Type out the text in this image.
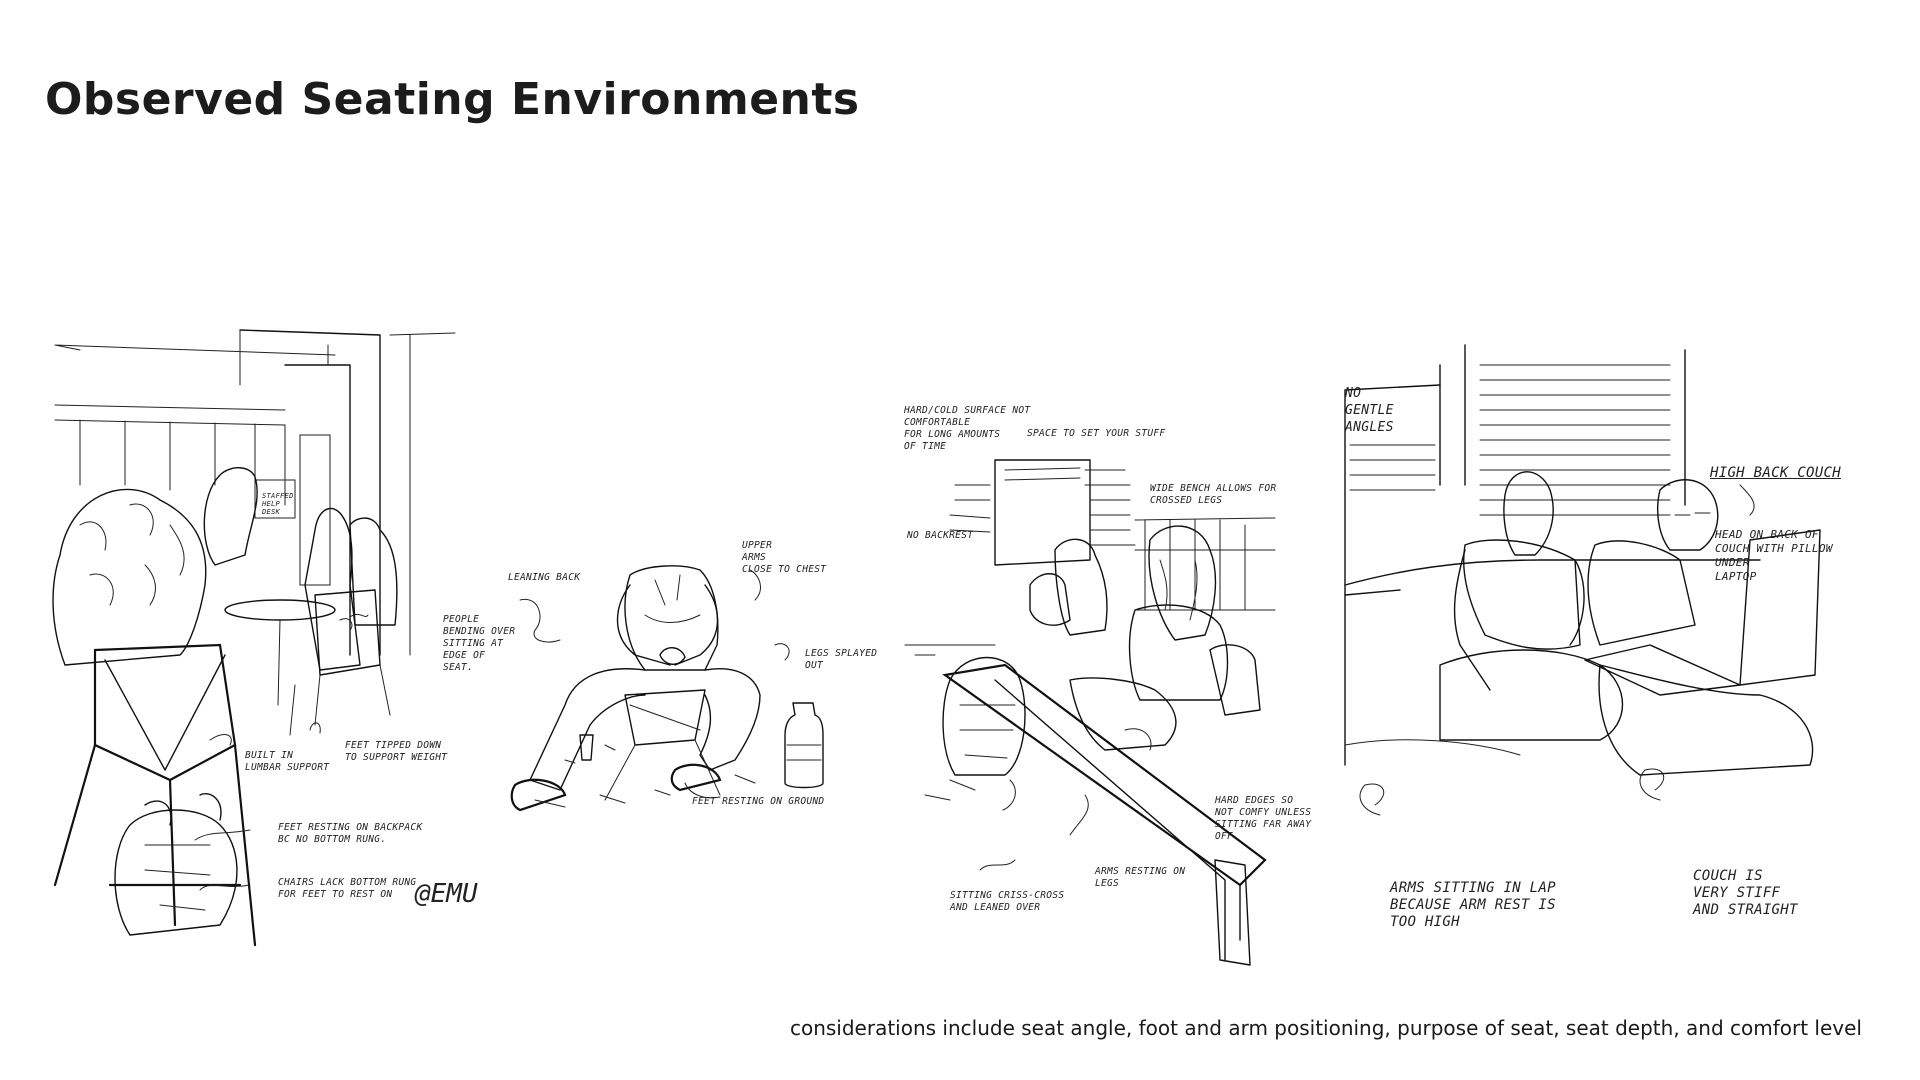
Observed Seating Environments
STAFFED
HELP
DESK
PEOPLE
BENDING OVER
SITTING AT
EDGE OF
SEAT.
BUILT IN
LUMBAR SUPPORT
FEET TIPPED DOWN
TO SUPPORT WEIGHT
FEET RESTING ON BACKPACK
BC NO BOTTOM RUNG.
CHAIRS LACK BOTTOM RUNG
FOR FEET TO REST ON @EMU
LEANING BACK
UPPER
ARMS
CLOSE TO CHEST
LEGS SPLAYED
OUT
FEET RESTING ON GROUND
HARD/COLD SURFACE NOT
COMFORTABLE
FOR LONG AMOUNTS
OF TIME
SPACE TO SET YOUR STUFF
WIDE BENCH ALLOWS FOR
CROSSED LEGS
NO BACKREST
HARD EDGES SO
NOT COMFY UNLESS
SITTING FAR AWAY
OFF.
ARMS RESTING ON
LEGS
SITTING CRISS-CROSS
AND LEANED OVER
NO
GENTLE
ANGLES
HIGH BACK COUCH
HEAD ON BACK OF
COUCH WITH PILLOW
UNDER
LAPTOP
ARMS SITTING IN LAP
BECAUSE ARM REST IS
TOO HIGH
COUCH IS
VERY STIFF
AND STRAIGHT

considerations include seat angle, foot and arm positioning, purpose of seat, seat depth, and comfort level
